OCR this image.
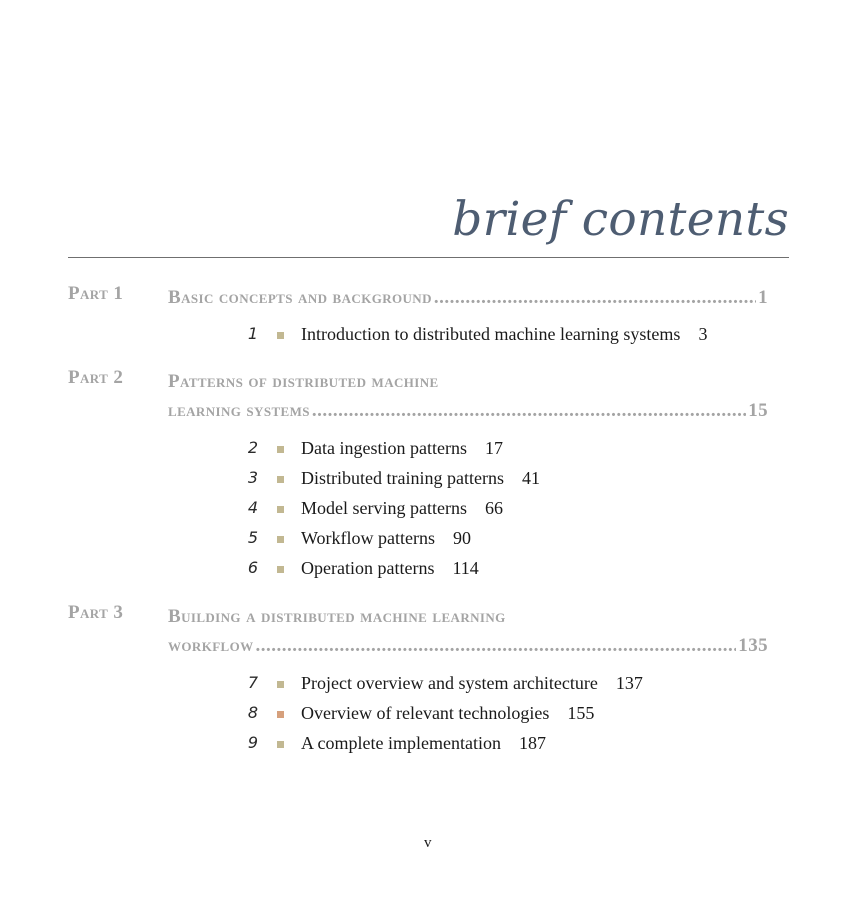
brief contents
Part 1 Basic concepts and background .....	1
1 Introduction to distributed machine learning systems 3
Part 2 Patterns of distributed machine
learning systems .....	15
2 Data ingestion patterns 17
3 Distributed training patterns 41
4 Model serving patterns 66
5 Workflow patterns 90
6 Operation patterns 114
Part 3 Building a distributed machine learning
workflow .....	135
7 Project overview and system architecture 137
8 Overview of relevant technologies 155
9 A complete implementation 187
v
